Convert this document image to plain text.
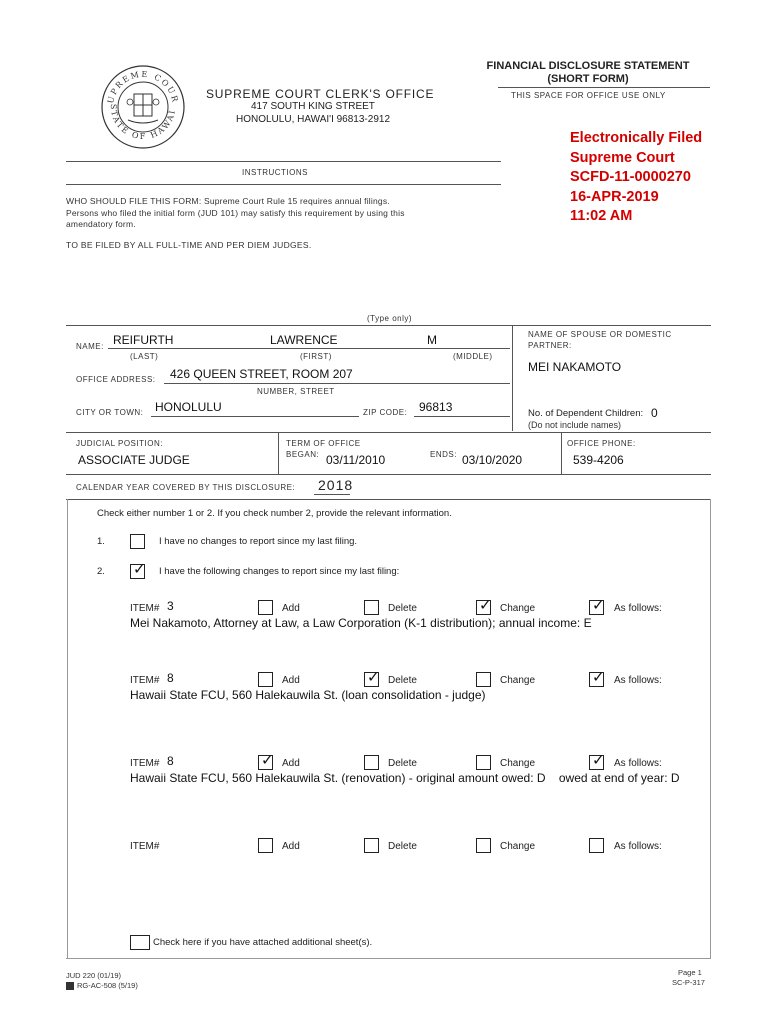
UPREME COUR
STATE OF HAWAI
FINANCIAL DISCLOSURE STATEMENT
(SHORT FORM)
THIS SPACE FOR OFFICE USE ONLY
SUPREME COURT CLERK'S OFFICE
417 SOUTH KING STREET
HONOLULU, HAWAI'I 96813-2912
Electronically Filed
Supreme Court
SCFD-11-0000270
16-APR-2019
11:02 AM
INSTRUCTIONS
WHO SHOULD FILE THIS FORM: Supreme Court Rule 15 requires annual filings.
Persons who filed the initial form (JUD 101) may satisfy this requirement by using this
amendatory form.
TO BE FILED BY ALL FULL-TIME AND PER DIEM JUDGES.
(Type only)
NAME: REIFURTH	LAWRENCE	M
(LAST)	(FIRST)	(MIDDLE)
NAME OF SPOUSE OR DOMESTIC
PARTNER:
MEI NAKAMOTO
OFFICE ADDRESS: 426 QUEEN STREET, ROOM 207
NUMBER, STREET
CITY OR TOWN: HONOLULU	ZIP CODE: 96813	No. of Dependent Children: 0
(Do not include names)
JUDICIAL POSITION:
ASSOCIATE JUDGE
TERM OF OFFICE
BEGAN: 03/11/2010	ENDS: 03/10/2020
OFFICE PHONE:
539-4206
CALENDAR YEAR COVERED BY THIS DISCLOSURE: 2018
Check either number 1 or 2. If you check number 2, provide the relevant information.
1.	I have no changes to report since my last filing.
2. ✓ I have the following changes to report since my last filing:
ITEM# 3	Add	Delete	✓ Change	✓ As follows:
Mei Nakamoto, Attorney at Law, a Law Corporation (K-1 distribution); annual income: E
ITEM# 8	Add	✓ Delete	Change	✓ As follows:
Hawaii State FCU, 560 Halekauwila St. (loan consolidation - judge)
ITEM# 8	✓ Add	Delete	Change	✓ As follows:
Hawaii State FCU, 560 Halekauwila St. (renovation) - original amount owed: D    owed at end of year: D
ITEM#	Add	Delete	Change	As follows:
Check here if you have attached additional sheet(s).
JUD 220 (01/19)
RG-AC-508 (5/19)
Page 1
SC-P-317
